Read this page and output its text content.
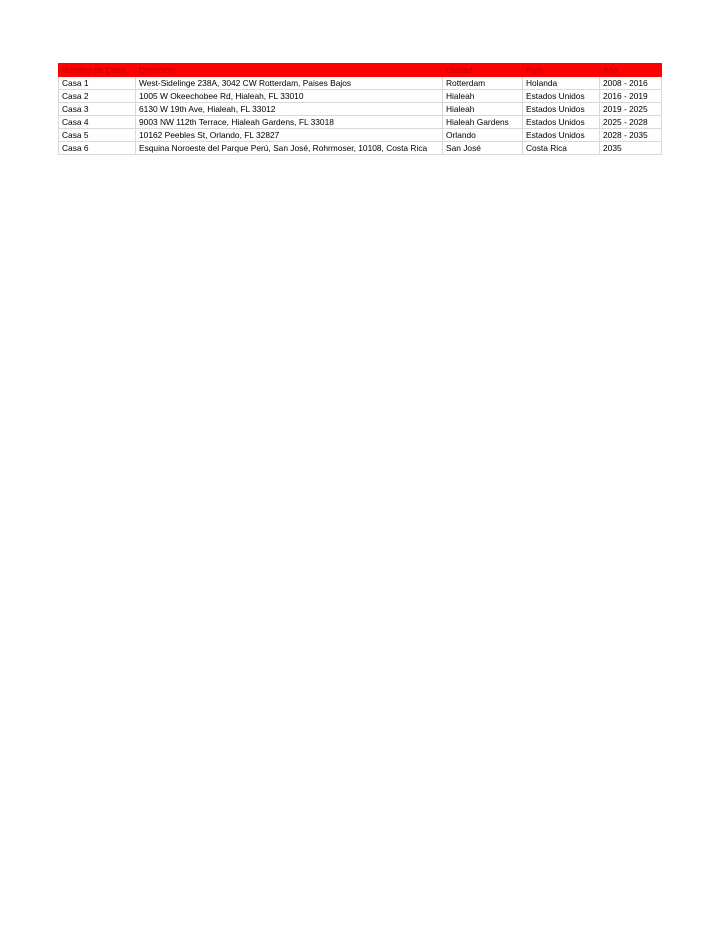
Número de Casa	Dirección	Ciudad	País	Año
Casa 1	West-Sidelinge 238A, 3042 CW Rotterdam, Paises Bajos	Rotterdam	Holanda	2008 - 2016
Casa 2	1005 W Okeechobee Rd, Hialeah, FL 33010	Hialeah	Estados Unidos	2016 - 2019
Casa 3	6130 W 19th Ave, Hialeah, FL 33012	Hialeah	Estados Unidos	2019 - 2025
Casa 4	9003 NW 112th Terrace, Hialeah Gardens, FL 33018	Hialeah Gardens	Estados Unidos	2025 - 2028
Casa 5	10162 Peebles St, Orlando, FL 32827	Orlando	Estados Unidos	2028 - 2035
Casa 6	Esquina Noroeste del Parque Perú, San José, Rohrmoser, 10108, Costa Rica	San José	Costa Rica	2035
